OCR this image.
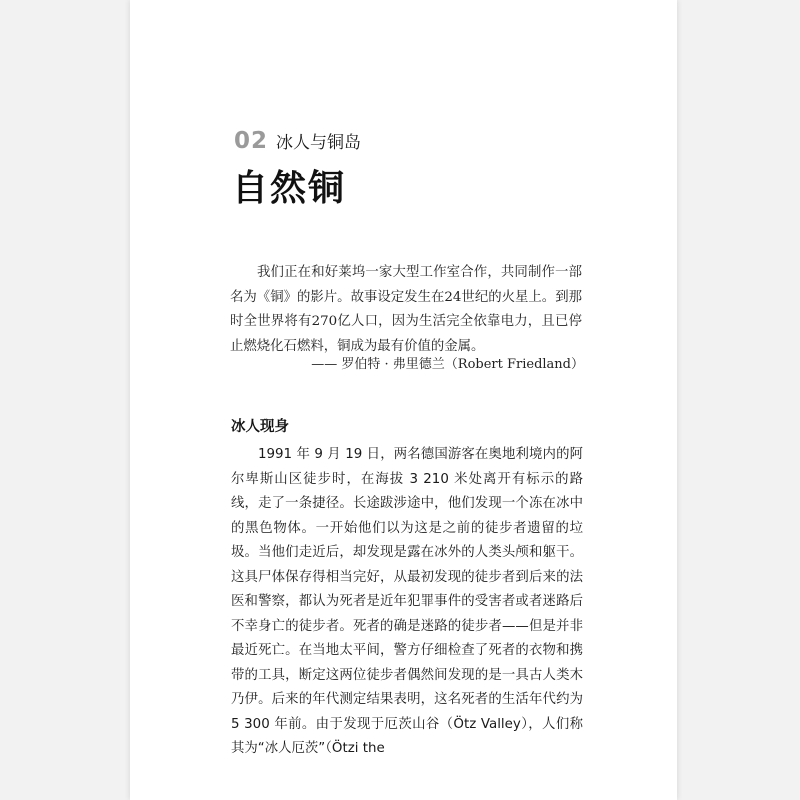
02 冰人与铜岛
自然铜

我们正在和好莱坞一家大型工作室合作，共同制作一部名为《铜》的影片。故事设定发生在24世纪的火星上。到那时全世界将有270亿人口，因为生活完全依靠电力，且已停止燃烧化石燃料，铜成为最有价值的金属。

—— 罗伯特 · 弗里德兰（Robert Friedland）
冰人现身

1991 年 9 月 19 日，两名德国游客在奥地利境内的阿尔卑斯山区徒步时，在海拔 3 210 米处离开有标示的路线，走了一条捷径。长途跋涉途中，他们发现一个冻在冰中的黑色物体。一开始他们以为这是之前的徒步者遗留的垃圾。当他们走近后，却发现是露在冰外的人类头颅和躯干。这具尸体保存得相当完好，从最初发现的徒步者到后来的法医和警察，都认为死者是近年犯罪事件的受害者或者迷路后不幸身亡的徒步者。死者的确是迷路的徒步者——但是并非最近死亡。在当地太平间，警方仔细检查了死者的衣物和携带的工具，断定这两位徒步者偶然间发现的是一具古人类木乃伊。后来的年代测定结果表明，这名死者的生活年代约为 5 300 年前。由于发现于厄茨山谷（Ötz Valley），人们称其为“冰人厄茨”（Ötzi the
